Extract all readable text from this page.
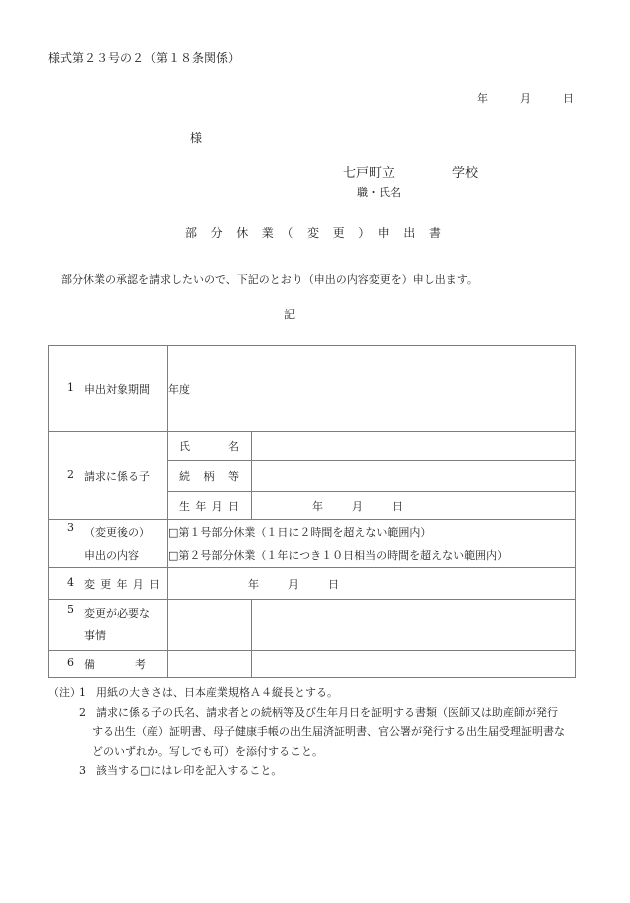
様式第２３号の２（第１８条関係）
年	月	日
様
七戸町立	学校
職・氏名
部　分　休　業　（　変　更　）　申　出　書
部分休業の承認を請求したいので、下記のとおり（申出の内容変更を）申し出ます。
記
1 申出対象期間	年度	

2 請求に係る子	氏 名	

	続 柄 等	

	生 年 月 日	年 月 日

3 （変更後の）
申出の内容

□第１号部分休業（１日に２時間を超えない範囲内）
□第２号部分休業（１年につき１０日相当の時間を超えない範囲内）

4 変 更 年 月 日	年	月	日

5 変更が必要な
事情		

6 備 考		

（注）
1 用紙の大きさは、日本産業規格Ａ４縦長とする。
2 請求に係る子の氏名、請求者との続柄等及び生年月日を証明する書類（医師又は助産師が発行
する出生（産）証明書、母子健康手帳の出生届済証明書、官公署が発行する出生届受理証明書な
どのいずれか。写しでも可）を添付すること。
3 該当する□にはレ印を記入すること。
